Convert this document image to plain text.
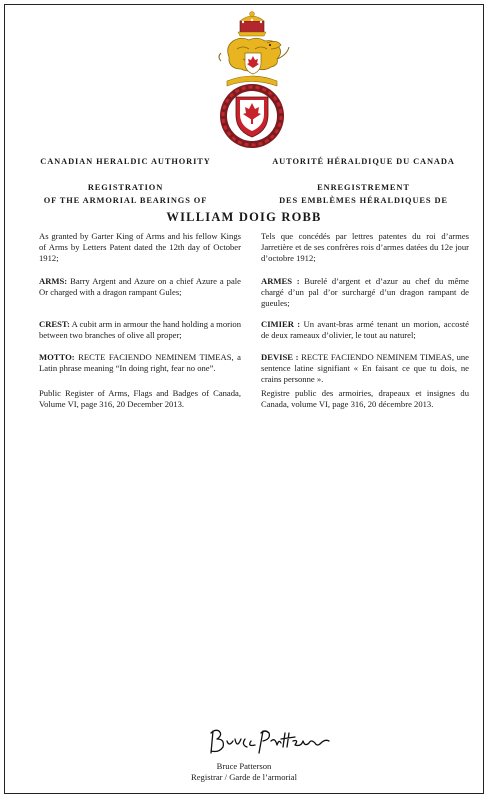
CANADIAN HERALDIC AUTHORITY
REGISTRATION
OF THE ARMORIAL BEARINGS OF
AUTORITÉ HÉRALDIQUE DU CANADA
ENREGISTREMENT
DES EMBLÈMES HÉRALDIQUES DE
WILLIAM DOIG ROBB

As granted by Garter King of Arms and his fellow Kings of Arms by Letters Patent dated the 12th day of October 1912;

ARMS: Barry Argent and Azure on a chief Azure a pale Or charged with a dragon rampant Gules;

CREST: A cubit arm in armour the hand holding a morion between two branches of olive all proper;

MOTTO: RECTE FACIENDO NEMINEM TIMEAS, a Latin phrase meaning “In doing right, fear no one”.

Public Register of Arms, Flags and Badges of Canada, Volume VI, page 316, 20 December 2013.

Tels que concédés par lettres patentes du roi d’armes Jarretière et de ses confrères rois d’armes datées du 12e jour d’octobre 1912;

ARMES : Burelé d’argent et d’azur au chef du même chargé d’un pal d’or surchargé d’un dragon rampant de gueules;

CIMIER : Un avant-bras armé tenant un morion, accosté de deux rameaux d’olivier, le tout au naturel;

DEVISE : RECTE FACIENDO NEMINEM TIMEAS, une sentence latine signifiant « En faisant ce que tu dois, ne crains personne ».

Registre public des armoiries, drapeaux et insignes du Canada, volume VI, page 316, 20 décembre 2013.

Bruce Patterson
Registrar / Garde de l’armorial
